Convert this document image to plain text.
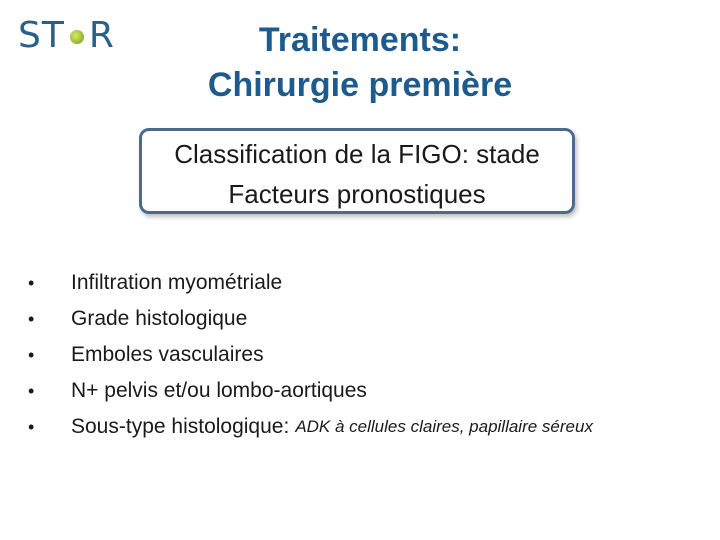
ST R	Traitements:
Chirurgie première
Classification de la FIGO: stade
Facteurs pronostiques
•	Infiltration myométriale
•	Grade histologique
•	Emboles vasculaires
•	N+ pelvis et/ou lombo-aortiques
•	Sous-type histologique: ADK à cellules claires, papillaire séreux
